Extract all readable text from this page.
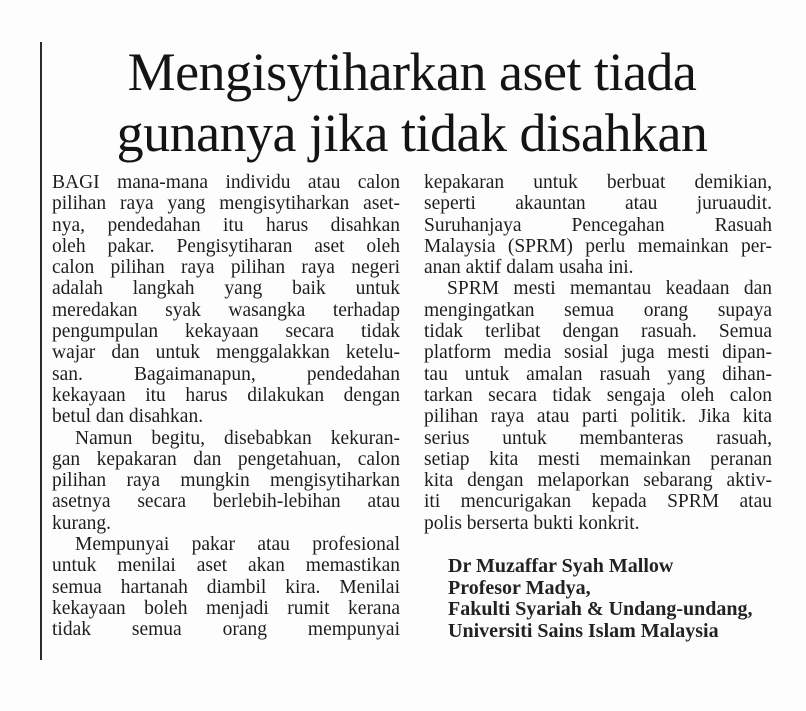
Mengisytiharkan aset tiada
gunanya jika tidak disahkan
BAGI mana-mana individu atau calon
pilihan raya yang mengisytiharkan aset-
nya, pendedahan itu harus disahkan
oleh pakar. Pengisytiharan aset oleh
calon pilihan raya pilihan raya negeri
adalah langkah yang baik untuk
meredakan syak wasangka terhadap
pengumpulan kekayaan secara tidak
wajar dan untuk menggalakkan ketelu-
san. Bagaimanapun, pendedahan
kekayaan itu harus dilakukan dengan
betul dan disahkan.
Namun begitu, disebabkan kekuran-
gan kepakaran dan pengetahuan, calon
pilihan raya mungkin mengisytiharkan
asetnya secara berlebih-lebihan atau
kurang.
Mempunyai pakar atau profesional
untuk menilai aset akan memastikan
semua hartanah diambil kira. Menilai
kekayaan boleh menjadi rumit kerana
tidak semua orang mempunyai
kepakaran untuk berbuat demikian,
seperti akauntan atau juruaudit.
Suruhanjaya Pencegahan Rasuah
Malaysia (SPRM) perlu memainkan per-
anan aktif dalam usaha ini.
SPRM mesti memantau keadaan dan
mengingatkan semua orang supaya
tidak terlibat dengan rasuah. Semua
platform media sosial juga mesti dipan-
tau untuk amalan rasuah yang dihan-
tarkan secara tidak sengaja oleh calon
pilihan raya atau parti politik. Jika kita
serius untuk membanteras rasuah,
setiap kita mesti memainkan peranan
kita dengan melaporkan sebarang aktiv-
iti mencurigakan kepada SPRM atau
polis berserta bukti konkrit.
Dr Muzaffar Syah Mallow
Profesor Madya,
Fakulti Syariah & Undang-undang,
Universiti Sains Islam Malaysia
